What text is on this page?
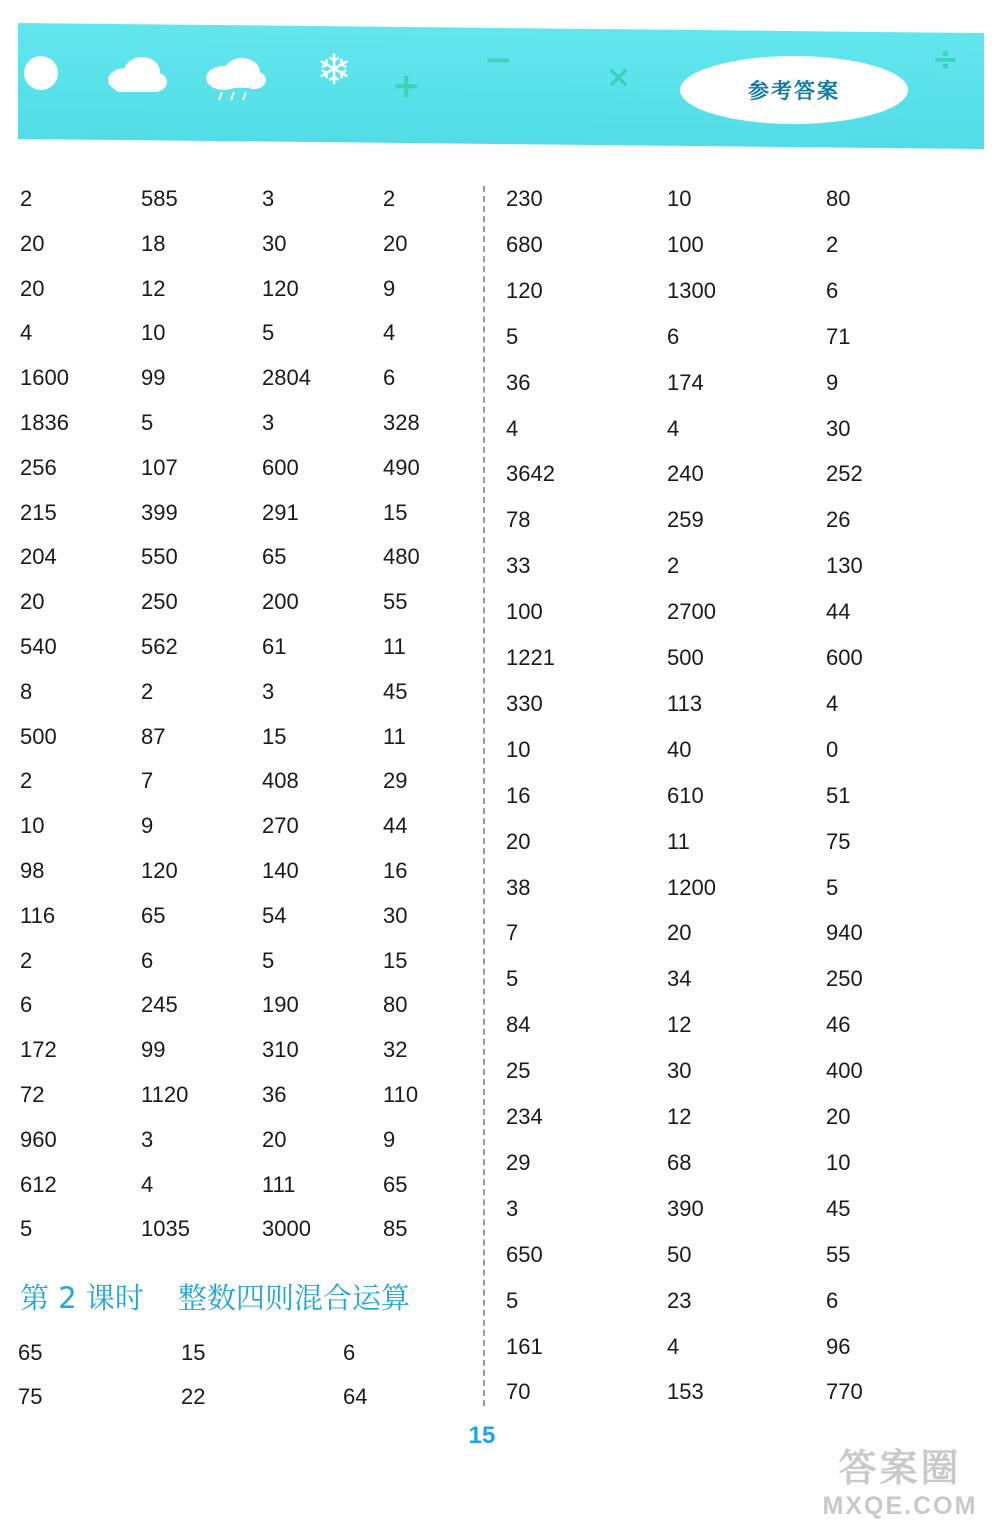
❄ +
−	×	÷
参考答案
2	585	3	2
20	18	30	20
20	12	120	9
4	10	5	4
1600	99	2804	6
1836	5	3	328
256	107	600	490
215	399	291	15
204	550	65	480
20	250	200	55
540	562	61	11
8	2	3	45
500	87	15	11
2	7	408	29
10	9	270	44
98	120	140	16
116	65	54	30
2	6	5	15
6	245	190	80
172	99	310	32
72	1120	36	110
960	3	20	9
612	4	111	65
5	1035	3000	85
第 2 课时 整数四则混合运算
65	15	6
75	22	64
230	10	80
680	100	2
120	1300	6
5	6	71
36	174	9
4	4	30
3642	240	252
78	259	26
33	2	130
100	2700	44
1221	500	600
330	113	4
10	40	0
16	610	51
20	11	75
38	1200	5
7	20	940
5	34	250
84	12	46
25	30	400
234	12	20
29	68	10
3	390	45
650	50	55
5	23	6
161	4	96
70	153	770
15
答案圈
MXQE.COM
